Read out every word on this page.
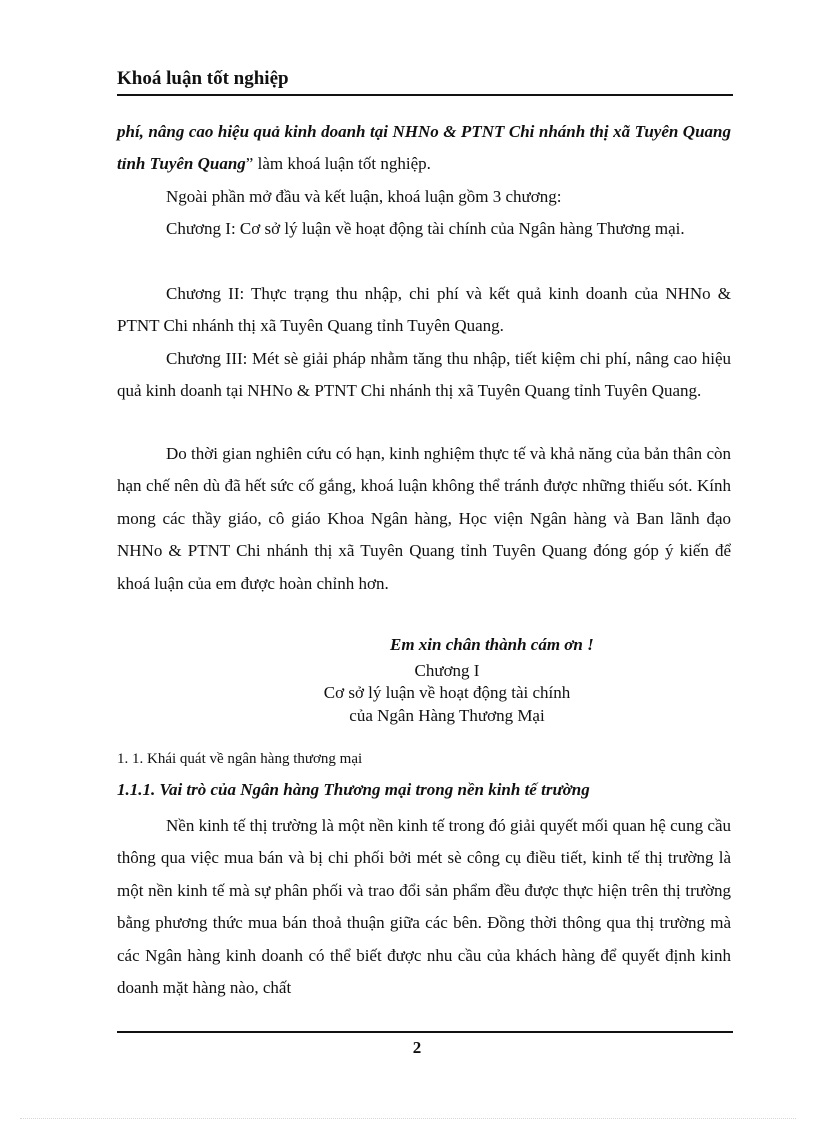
Khoá luận tốt nghiệp

phí, nâng cao hiệu quả kinh doanh tại NHNo & PTNT Chi nhánh thị xã Tuyên Quang tỉnh Tuyên Quang” làm khoá luận tốt nghiệp.

Ngoài phần mở đầu và kết luận, khoá luận gồm 3 chương:

Chương I: Cơ sở lý luận về hoạt động tài chính của Ngân hàng Thương mại.

Chương II: Thực trạng thu nhập, chi phí và kết quả kinh doanh của NHNo & PTNT Chi nhánh thị xã Tuyên Quang tỉnh Tuyên Quang.

Chương III: Mét sè giải pháp nhằm tăng thu nhập, tiết kiệm chi phí, nâng cao hiệu quả kinh doanh tại NHNo & PTNT Chi nhánh thị xã Tuyên Quang tỉnh Tuyên Quang.

Do thời gian nghiên cứu có hạn, kinh nghiệm thực tế và khả năng của bản thân còn hạn chế nên dù đã hết sức cố gắng, khoá luận không thể tránh được những thiếu sót. Kính mong các thầy giáo, cô giáo Khoa Ngân hàng, Học viện Ngân hàng và Ban lãnh đạo NHNo & PTNT Chi nhánh thị xã Tuyên Quang tỉnh Tuyên Quang đóng góp ý kiến để khoá luận của em được hoàn chỉnh hơn.

Em xin chân thành cám ơn !

Chương I

Cơ sở lý luận về hoạt động tài chính

của Ngân Hàng Thương Mại

1. 1. Khái quát về ngân hàng thương mại

1.1.1. Vai trò của Ngân hàng Thương mại trong nền kinh tế trường

Nền kinh tế thị trường là một nền kinh tế trong đó giải quyết mối quan hệ cung cầu thông qua việc mua bán và bị chi phối bởi mét sè công cụ điều tiết, kinh tế thị trường là một nền kinh tế mà sự phân phối và trao đổi sản phẩm đều được thực hiện trên thị trường bằng phương thức mua bán thoả thuận giữa các bên. Đồng thời thông qua thị trường mà các Ngân hàng kinh doanh có thể biết được nhu cầu của khách hàng để quyết định kinh doanh mặt hàng nào, chất

2
